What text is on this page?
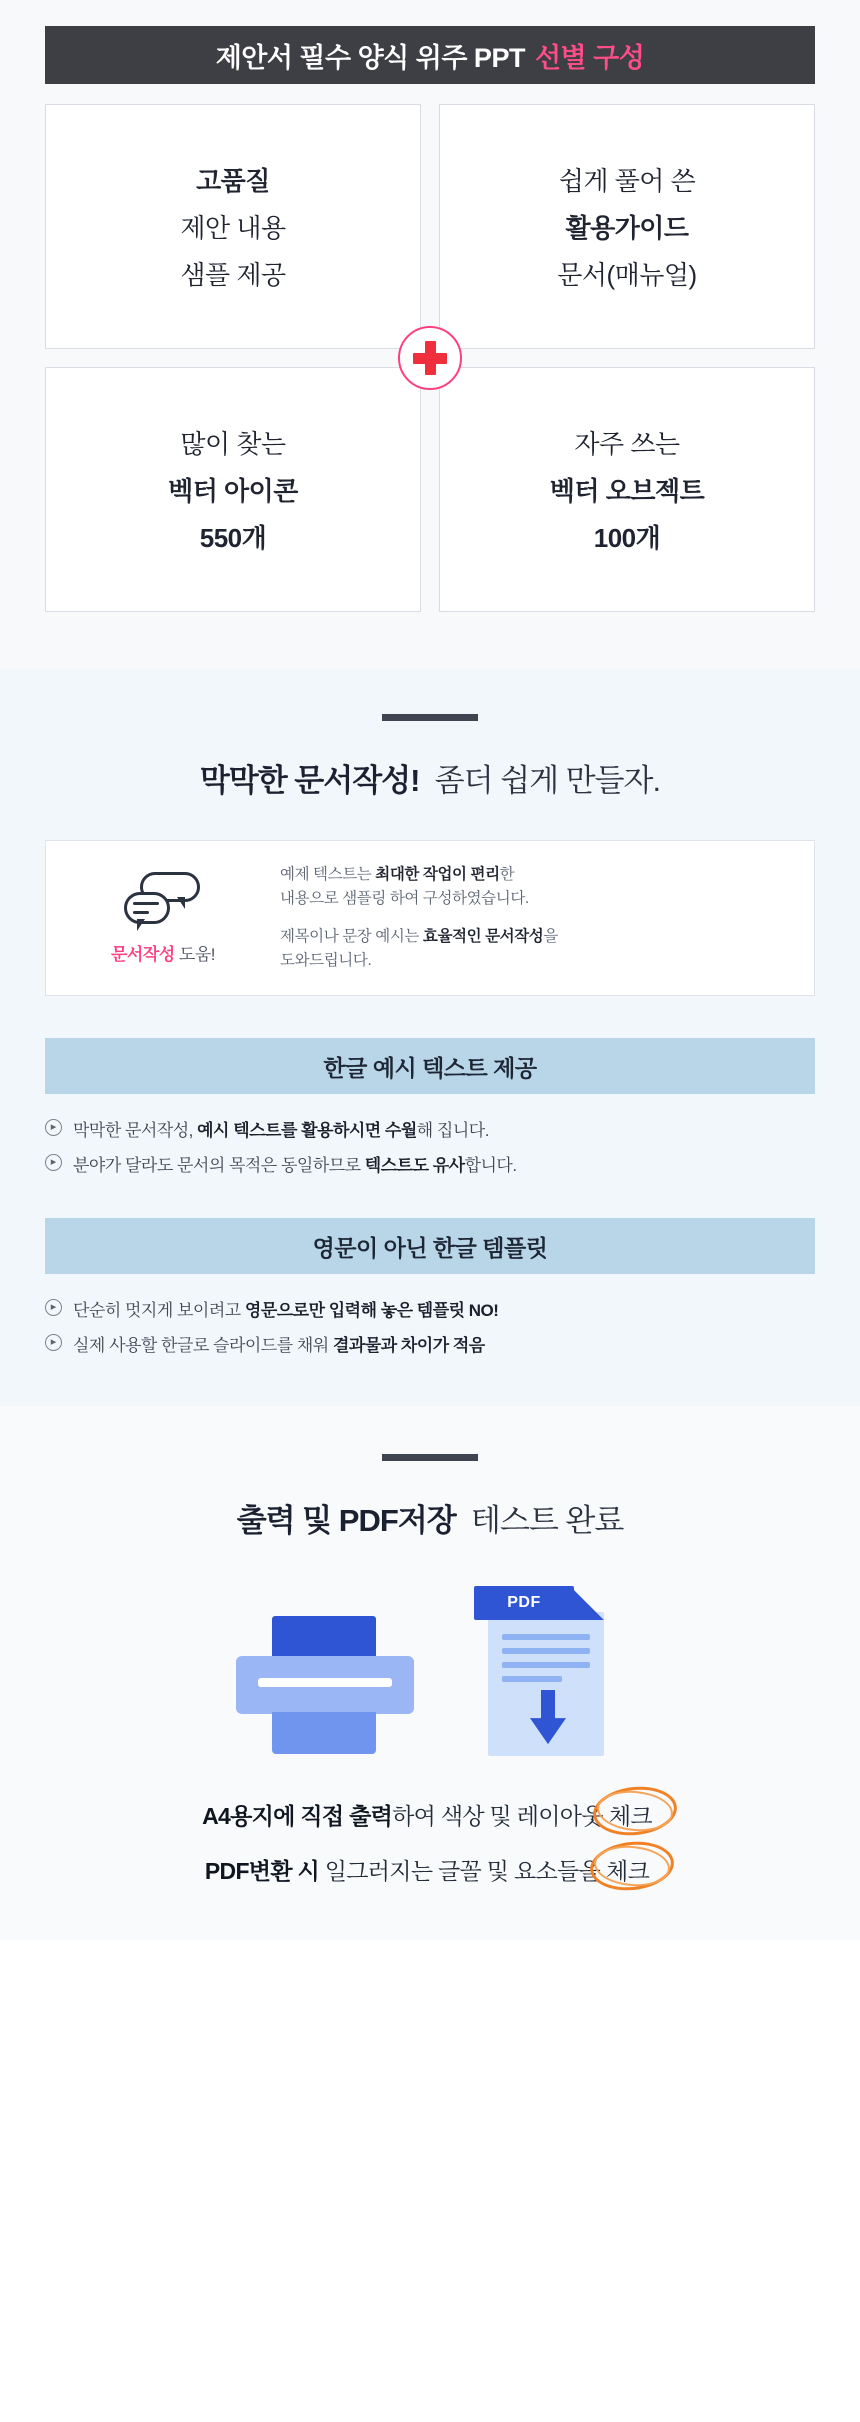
제안서 필수 양식 위주 PPT 선별 구성
고품질
제안 내용
샘플 제공
쉽게 풀어 쓴
활용가이드
문서(매뉴얼)
많이 찾는
벡터 아이콘
550개
자주 쓰는
벡터 오브젝트
100개
막막한 문서작성! 좀더 쉽게 만들자.
문서작성 도움!

예제 텍스트는 최대한 작업이 편리한
내용으로 샘플링 하여 구성하였습니다.

제목이나 문장 예시는 효율적인 문서작성을
도와드립니다.

한글 예시 텍스트 제공
▸ 막막한 문서작성, 예시 텍스트를 활용하시면 수월해 집니다.
▸ 분야가 달라도 문서의 목적은 동일하므로 텍스트도 유사합니다.
영문이 아닌 한글 템플릿
▸ 단순히 멋지게 보이려고 영문으로만 입력해 놓은 템플릿 NO!
▸ 실제 사용할 한글로 슬라이드를 채워 결과물과 차이가 적음
출력 및 PDF저장 테스트 완료
PDF
A4용지에 직접 출력하여 색상 및 레이아웃 체크
PDF변환 시 일그러지는 글꼴 및 요소들을 체크
